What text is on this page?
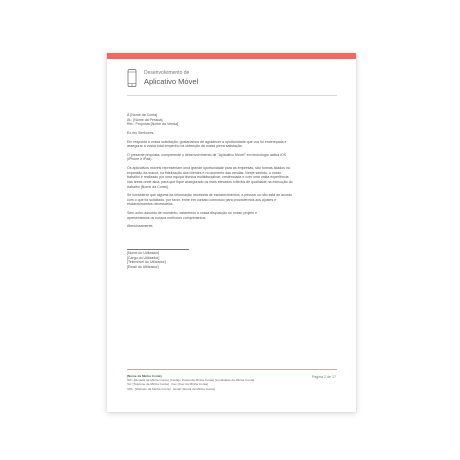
Desenvolvimento de
Aplicativo Móvel
À [Nome da Conta]
At.: [Nome da Pessoa]
Ref.: Proposta [Nome da Venda]
Ex.mo Senhores,
Em resposta à vossa solicitação, gostaríamos de agradecer a oportunidade que vos foi endereçada e
assegurar a vossa total empenho na obtenção da vossa plena satisfação.
O presente proposta, compreende o desenvolvimento de "Aplicativo Móvel" em tecnologia nativa iOS
(iPhone e iPad).
Os aplicativos móveis representam uma grande oportunidade para as empresas, são formas aliados na
expansão da marca, na fidelização dos clientes e no aumento das vendas. Neste sentido, o nosso
trabalho é realizado por uma equipa técnica multidisciplinar, credenciada e com uma vasta experiência
nas áreas onde atua, para que fique assegurado os mais elevados critérios de qualidade na execução do
trabalho [Nome da Conta].
Se considerar que alguma da informação necessita de esclarecimentos, a pessoa ou não está de acordo
com o que foi solicitado, por favor, entre em contato connosco para procedermos aos ajustes e
esclarecimentos necessários.
Sem outro assunto de momento, estaremos à vossa disposição no nosso projeto e
apresentamos os nossos melhores cumprimentos.
Atenciosamente,
[Nome do Utilizador]
[Cargo do Utilizador]
[Telemóvel do Utilizador]
[Email do Utilizador]
[Nome da Minha Conta]
NIF: [Morada da Minha Conta], [Código Postal da Minha Conta] [Localidade da Minha Conta]
Tel: [Telefone da Minha Conta] · Fax: [Fax da Minha Conta]
URL: [Website da Minha Conta] · Email: [Email da Minha Conta]
Página 2 de 17
